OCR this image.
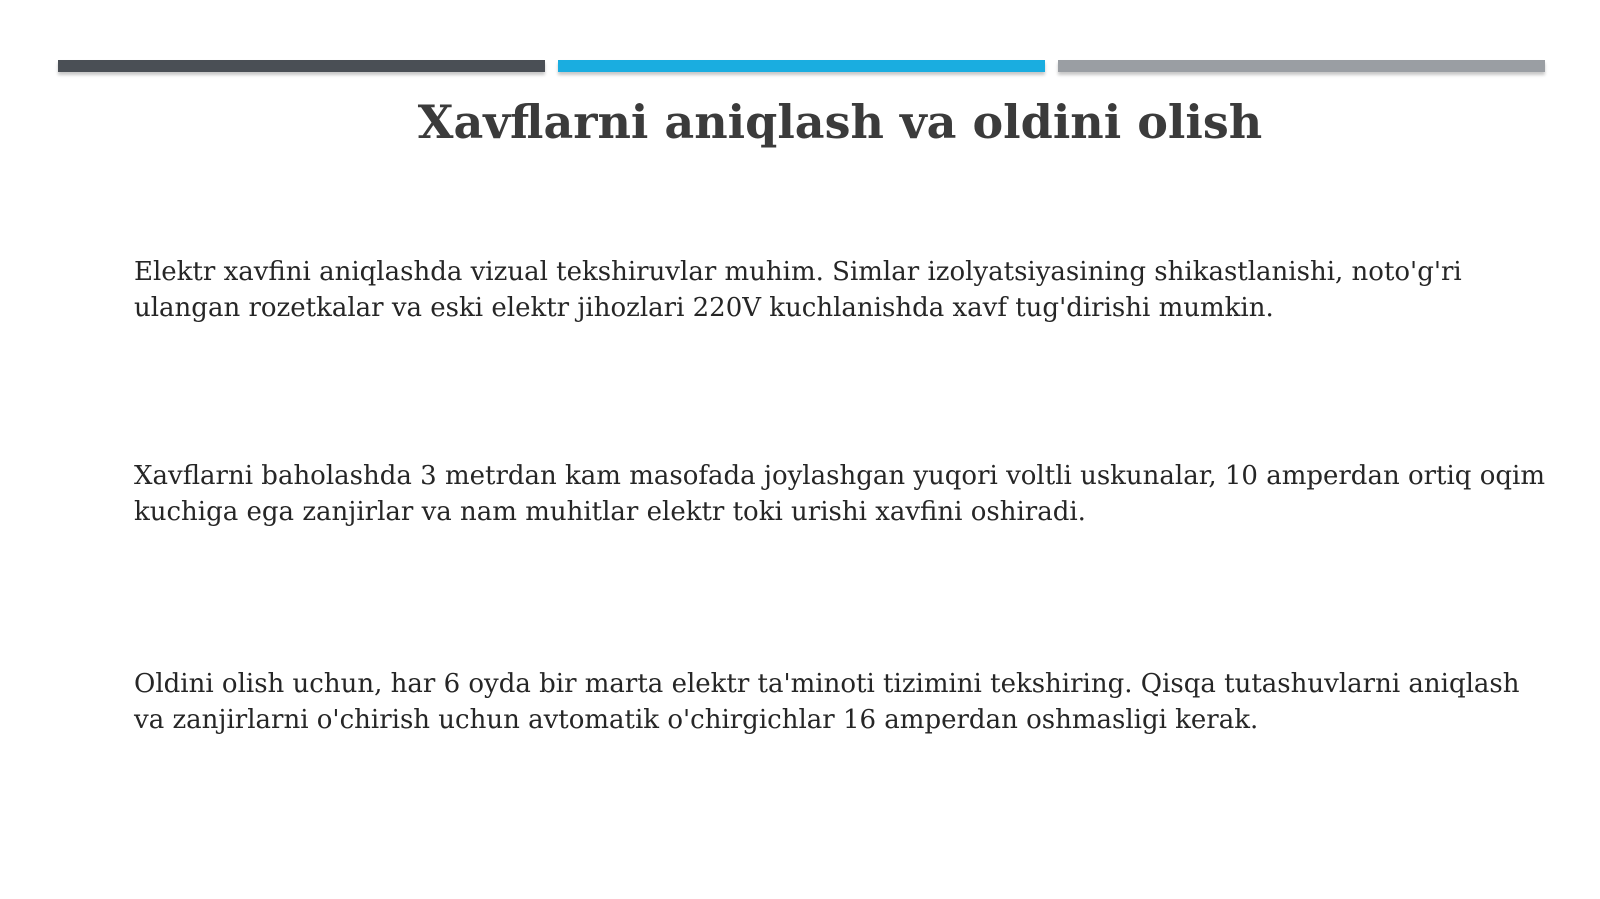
Xavflarni aniqlash va oldini olish

Elektr xavfini aniqlashda vizual tekshiruvlar muhim. Simlar izolyatsiyasining shikastlanishi, noto'g'ri ulangan rozetkalar va eski elektr jihozlari 220V kuchlanishda xavf tug'dirishi mumkin.

Xavflarni baholashda 3 metrdan kam masofada joylashgan yuqori voltli uskunalar, 10 amperdan ortiq oqim kuchiga ega zanjirlar va nam muhitlar elektr toki urishi xavfini oshiradi.

Oldini olish uchun, har 6 oyda bir marta elektr ta'minoti tizimini tekshiring. Qisqa tutashuvlarni aniqlash va zanjirlarni o'chirish uchun avtomatik o'chirgichlar 16 amperdan oshmasligi kerak.
